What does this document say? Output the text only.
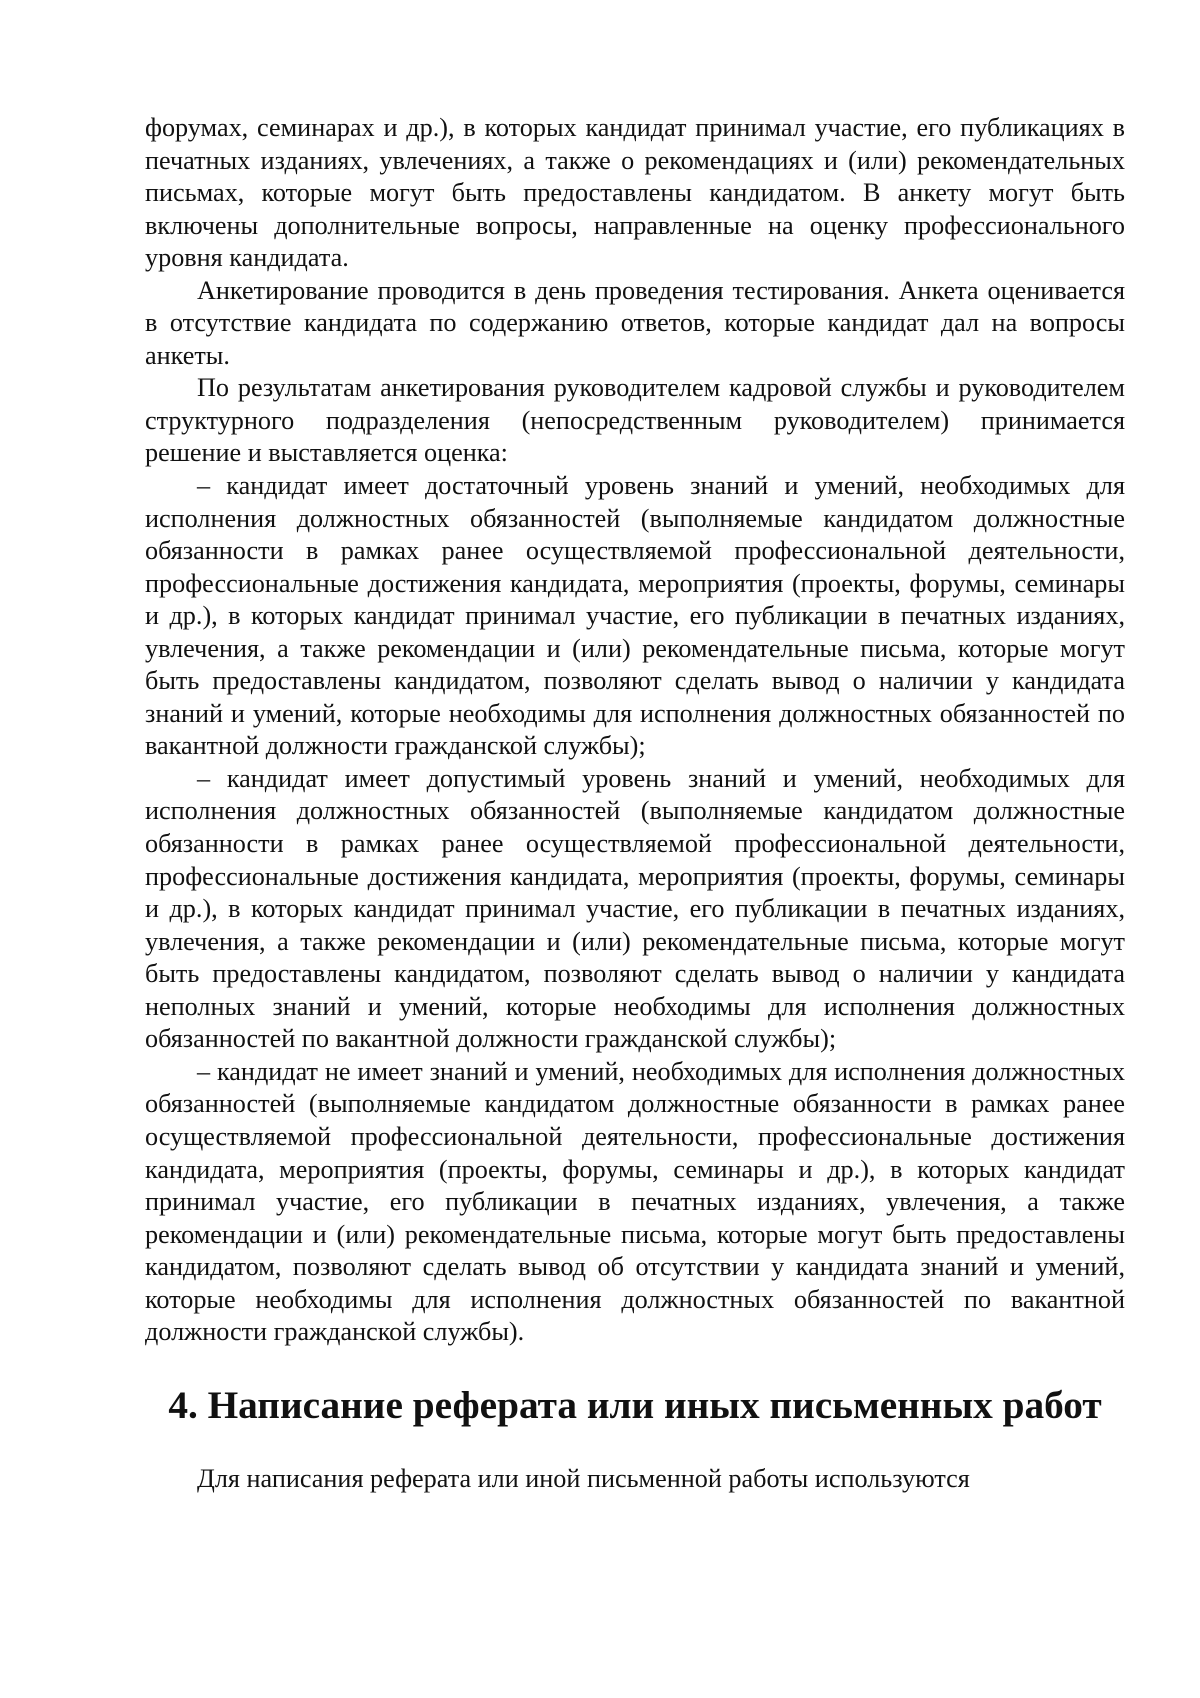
форумах, семинарах и др.), в которых кандидат принимал участие, его публикациях в печатных изданиях, увлечениях, а также о рекомендациях и (или) рекомендательных письмах, которые могут быть предоставлены кандидатом. В анкету могут быть включены дополнительные вопросы, направленные на оценку профессионального уровня кандидата.

Анкетирование проводится в день проведения тестирования. Анкета оценивается в отсутствие кандидата по содержанию ответов, которые кандидат дал на вопросы анкеты.

По результатам анкетирования руководителем кадровой службы и руководителем структурного подразделения (непосредственным руководителем) принимается решение и выставляется оценка:

– кандидат имеет достаточный уровень знаний и умений, необходимых для исполнения должностных обязанностей (выполняемые кандидатом должностные обязанности в рамках ранее осуществляемой профессиональной деятельности, профессиональные достижения кандидата, мероприятия (проекты, форумы, семинары и др.), в которых кандидат принимал участие, его публикации в печатных изданиях, увлечения, а также рекомендации и (или) рекомендательные письма, которые могут быть предоставлены кандидатом, позволяют сделать вывод о наличии у кандидата знаний и умений, которые необходимы для исполнения должностных обязанностей по вакантной должности гражданской службы);

– кандидат имеет допустимый уровень знаний и умений, необходимых для исполнения должностных обязанностей (выполняемые кандидатом должностные обязанности в рамках ранее осуществляемой профессиональной деятельности, профессиональные достижения кандидата, мероприятия (проекты, форумы, семинары и др.), в которых кандидат принимал участие, его публикации в печатных изданиях, увлечения, а также рекомендации и (или) рекомендательные письма, которые могут быть предоставлены кандидатом, позволяют сделать вывод о наличии у кандидата неполных знаний и умений, которые необходимы для исполнения должностных обязанностей по вакантной должности гражданской службы);

– кандидат не имеет знаний и умений, необходимых для исполнения должностных обязанностей (выполняемые кандидатом должностные обязанности в рамках ранее осуществляемой профессиональной деятельности, профессиональные достижения кандидата, мероприятия (проекты, форумы, семинары и др.), в которых кандидат принимал участие, его публикации в печатных изданиях, увлечения, а также рекомендации и (или) рекомендательные письма, которые могут быть предоставлены кандидатом, позволяют сделать вывод об отсутствии у кандидата знаний и умений, которые необходимы для исполнения должностных обязанностей по вакантной должности гражданской службы).

4. Написание реферата или иных письменных работ

Для написания реферата или иной письменной работы используются
